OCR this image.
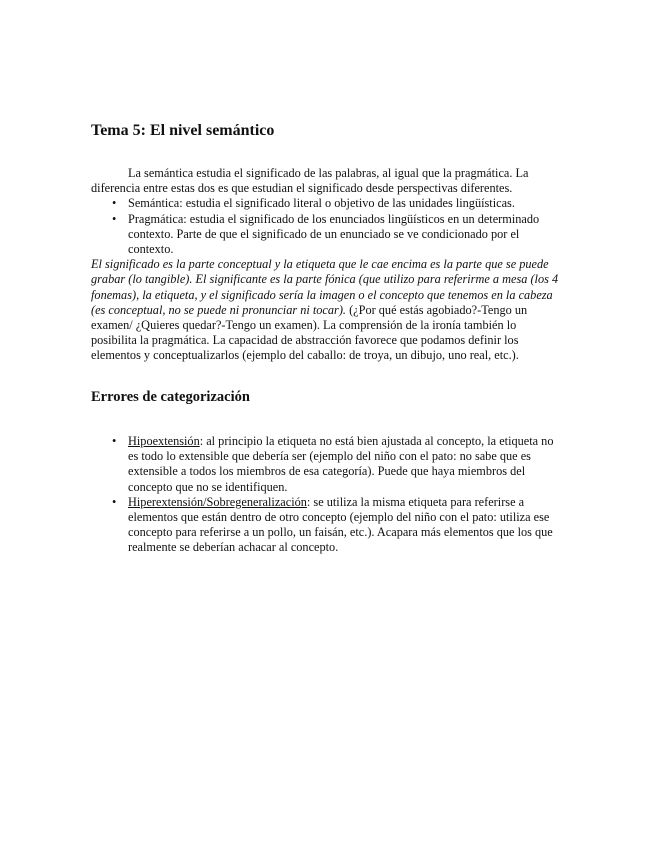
Tema 5: El nivel semántico

La semántica estudia el significado de las palabras, al igual que la pragmática. La diferencia entre estas dos es que estudian el significado desde perspectivas diferentes.

• Semántica: estudia el significado literal o objetivo de las unidades lingüísticas.
• Pragmática: estudia el significado de los enunciados lingüísticos en un determinado contexto. Parte de que el significado de un enunciado se ve condicionado por el contexto.

El significado es la parte conceptual y la etiqueta que le cae encima es la parte que se puede grabar (lo tangible). El significante es la parte fónica (que utilizo para referirme a mesa (los 4 fonemas), la etiqueta, y el significado sería la imagen o el concepto que tenemos en la cabeza (es conceptual, no se puede ni pronunciar ni tocar). (¿Por qué estás agobiado?-Tengo un examen/ ¿Quieres quedar?-Tengo un examen). La comprensión de la ironía también lo posibilita la pragmática. La capacidad de abstracción favorece que podamos definir los elementos y conceptualizarlos (ejemplo del caballo: de troya, un dibujo, uno real, etc.).

Errores de categorización
• Hipoextensión: al principio la etiqueta no está bien ajustada al concepto, la etiqueta no es todo lo extensible que debería ser (ejemplo del niño con el pato: no sabe que es extensible a todos los miembros de esa categoría). Puede que haya miembros del concepto que no se identifiquen.
• Hiperextensión/Sobregeneralización: se utiliza la misma etiqueta para referirse a elementos que están dentro de otro concepto (ejemplo del niño con el pato: utiliza ese concepto para referirse a un pollo, un faisán, etc.). Acapara más elementos que los que realmente se deberían achacar al concepto.
